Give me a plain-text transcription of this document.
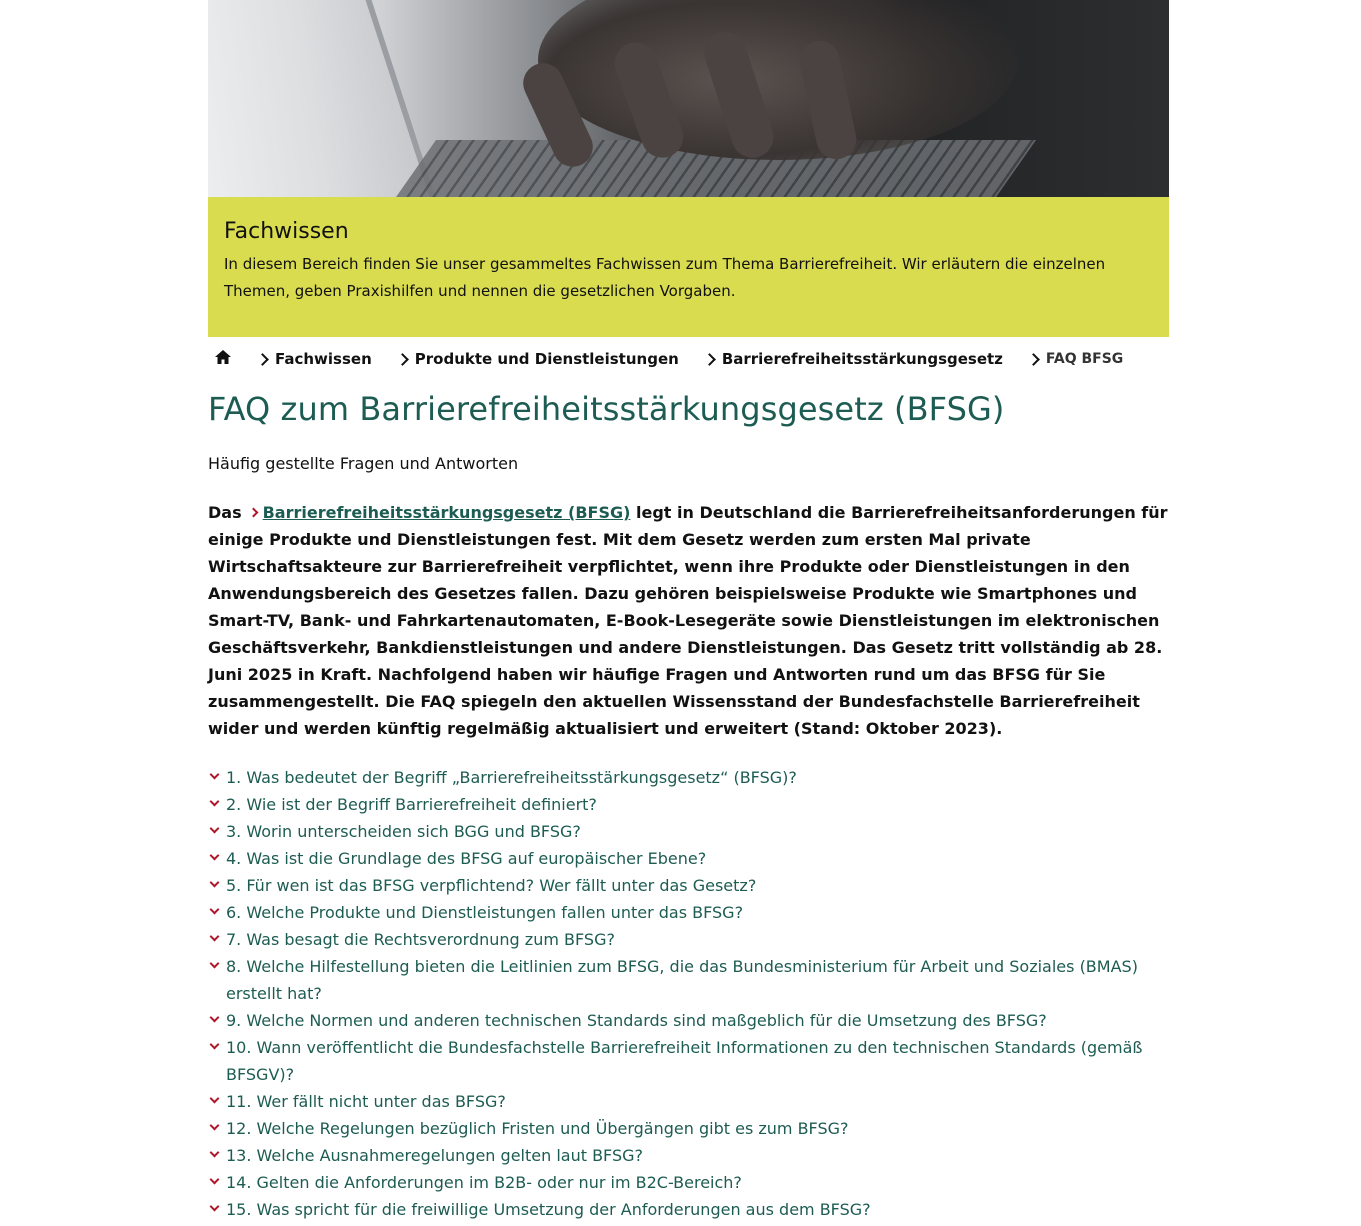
Fachwissen

In diesem Bereich finden Sie unser gesammeltes Fachwissen zum Thema Barrierefreiheit. Wir erläutern die einzelnen Themen, geben Praxishilfen und nennen die gesetzlichen Vorgaben.

Fachwissen	Produkte und Dienstleistungen	Barrierefreiheitsstärkungsgesetz	FAQ BFSG
FAQ zum Barrierefreiheitsstärkungsgesetz (BFSG)

Häufig gestellte Fragen und Antworten

Das Barrierefreiheitsstärkungsgesetz (BFSG) legt in Deutschland die Barrierefreiheitsanforderungen für einige Produkte und Dienstleistungen fest. Mit dem Gesetz werden zum ersten Mal private Wirtschaftsakteure zur Barrierefreiheit verpflichtet, wenn ihre Produkte oder Dienstleistungen in den Anwendungsbereich des Gesetzes fallen. Dazu gehören beispielsweise Produkte wie Smartphones und Smart-TV, Bank- und Fahrkartenautomaten, E-Book-Lesegeräte sowie Dienstleistungen im elektronischen Geschäftsverkehr, Bankdienstleistungen und andere Dienstleistungen. Das Gesetz tritt vollständig ab 28. Juni 2025 in Kraft. Nachfolgend haben wir häufige Fragen und Antworten rund um das BFSG für Sie zusammengestellt. Die FAQ spiegeln den aktuellen Wissensstand der Bundesfachstelle Barrierefreiheit wider und werden künftig regelmäßig aktualisiert und erweitert (Stand: Oktober 2023).

1. Was bedeutet der Begriff „Barrierefreiheitsstärkungsgesetz“ (BFSG)?
2. Wie ist der Begriff Barrierefreiheit definiert?
3. Worin unterscheiden sich BGG und BFSG?
4. Was ist die Grundlage des BFSG auf europäischer Ebene?
5. Für wen ist das BFSG verpflichtend? Wer fällt unter das Gesetz?
6. Welche Produkte und Dienstleistungen fallen unter das BFSG?
7. Was besagt die Rechtsverordnung zum BFSG?
8. Welche Hilfestellung bieten die Leitlinien zum BFSG, die das Bundesministerium für Arbeit und Soziales (BMAS) erstellt hat?
9. Welche Normen und anderen technischen Standards sind maßgeblich für die Umsetzung des BFSG?
10. Wann veröffentlicht die Bundesfachstelle Barrierefreiheit Informationen zu den technischen Standards (gemäß BFSGV)?
11. Wer fällt nicht unter das BFSG?
12. Welche Regelungen bezüglich Fristen und Übergängen gibt es zum BFSG?
13. Welche Ausnahmeregelungen gelten laut BFSG?
14. Gelten die Anforderungen im B2B- oder nur im B2C-Bereich?
15. Was spricht für die freiwillige Umsetzung der Anforderungen aus dem BFSG?
